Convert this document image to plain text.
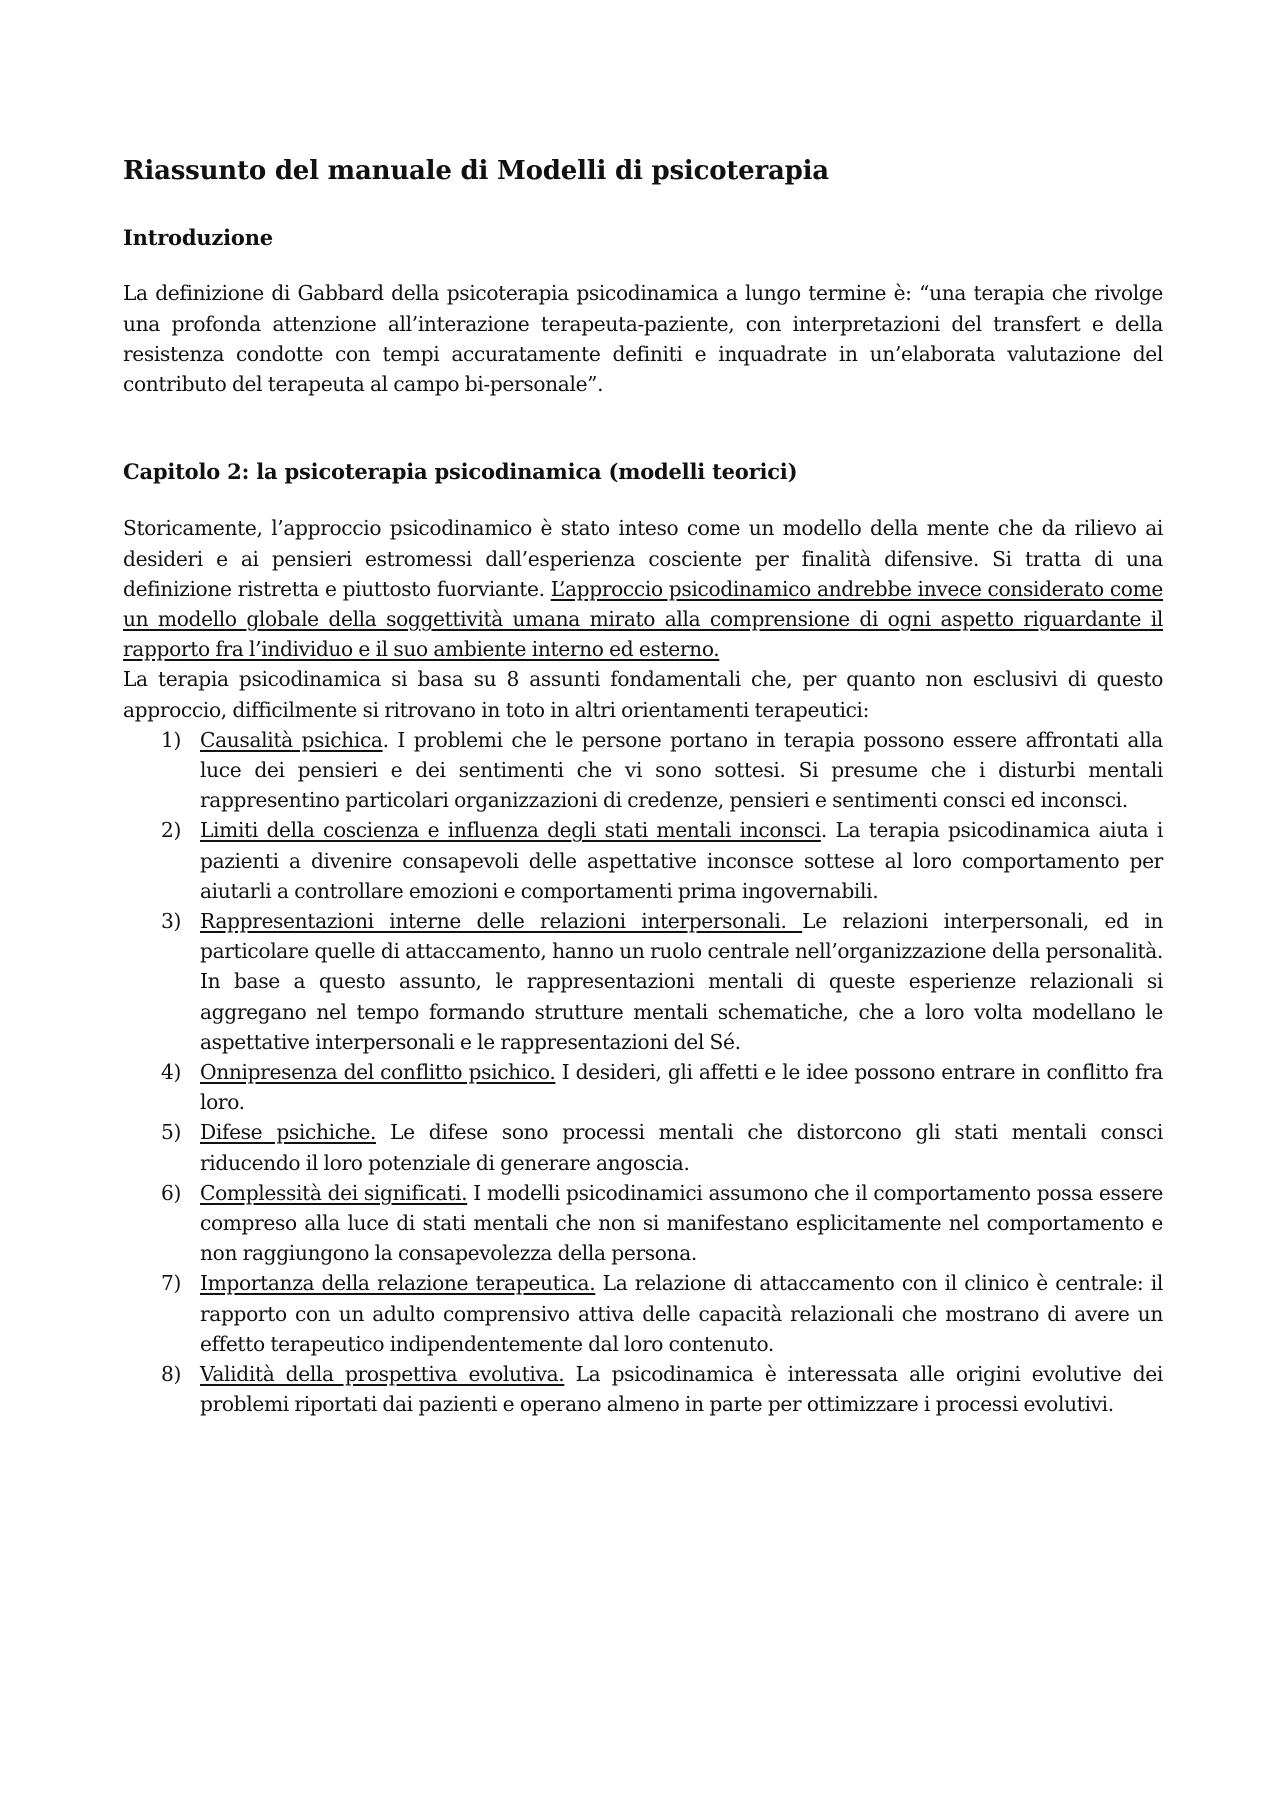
Riassunto del manuale di Modelli di psicoterapia
Introduzione

La definizione di Gabbard della psicoterapia psicodinamica a lungo termine è: “una terapia che rivolge una profonda attenzione all’interazione terapeuta-paziente, con interpretazioni del transfert e della resistenza condotte con tempi accuratamente definiti e inquadrate in un’elaborata valutazione del contributo del terapeuta al campo bi-personale”.

Capitolo 2: la psicoterapia psicodinamica (modelli teorici)

Storicamente, l’approccio psicodinamico è stato inteso come un modello della mente che da rilievo ai desideri e ai pensieri estromessi dall’esperienza cosciente per finalità difensive. Si tratta di una definizione ristretta e piuttosto fuorviante. L’approccio psicodinamico andrebbe invece considerato come un modello globale della soggettività umana mirato alla comprensione di ogni aspetto riguardante il rapporto fra l’individuo e il suo ambiente interno ed esterno.

La terapia psicodinamica si basa su 8 assunti fondamentali che, per quanto non esclusivi di questo approccio, difficilmente si ritrovano in toto in altri orientamenti terapeutici:

1) Causalità psichica. I problemi che le persone portano in terapia possono essere affrontati alla luce dei pensieri e dei sentimenti che vi sono sottesi. Si presume che i disturbi mentali rappresentino particolari organizzazioni di credenze, pensieri e sentimenti consci ed inconsci.
2) Limiti della coscienza e influenza degli stati mentali inconsci. La terapia psicodinamica aiuta i pazienti a divenire consapevoli delle aspettative inconsce sottese al loro comportamento per aiutarli a controllare emozioni e comportamenti prima ingovernabili.
3) Rappresentazioni interne delle relazioni interpersonali. Le relazioni interpersonali, ed in particolare quelle di attaccamento, hanno un ruolo centrale nell’organizzazione della personalità. In base a questo assunto, le rappresentazioni mentali di queste esperienze relazionali si aggregano nel tempo formando strutture mentali schematiche, che a loro volta modellano le aspettative interpersonali e le rappresentazioni del Sé.
4) Onnipresenza del conflitto psichico. I desideri, gli affetti e le idee possono entrare in conflitto fra loro.
5) Difese psichiche. Le difese sono processi mentali che distorcono gli stati mentali consci riducendo il loro potenziale di generare angoscia.
6) Complessità dei significati. I modelli psicodinamici assumono che il comportamento possa essere compreso alla luce di stati mentali che non si manifestano esplicitamente nel comportamento e non raggiungono la consapevolezza della persona.
7) Importanza della relazione terapeutica. La relazione di attaccamento con il clinico è centrale: il rapporto con un adulto comprensivo attiva delle capacità relazionali che mostrano di avere un effetto terapeutico indipendentemente dal loro contenuto.
8) Validità della prospettiva evolutiva. La psicodinamica è interessata alle origini evolutive dei problemi riportati dai pazienti e operano almeno in parte per ottimizzare i processi evolutivi.
